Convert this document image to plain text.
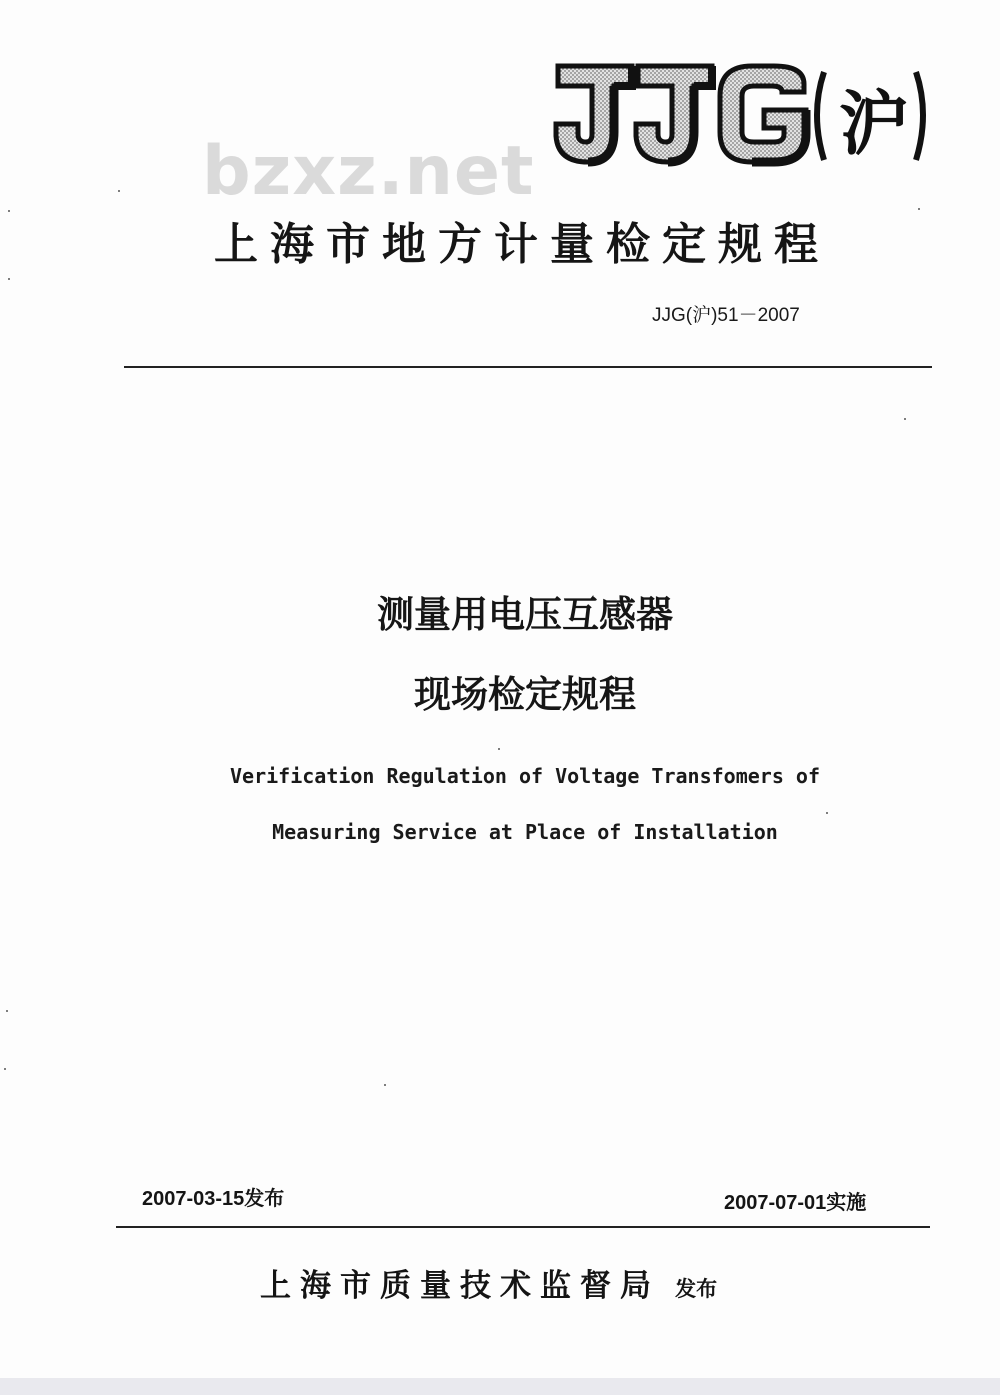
沪
bzxz.net
上海市地方计量检定规程
JJG(沪)51－2007
测量用电压互感器
现场检定规程
Verification Regulation of Voltage Transfomers of
Measuring Service at Place of Installation
2007-03-15发布	2007-07-01实施
上海市质量技术监督局 发布
